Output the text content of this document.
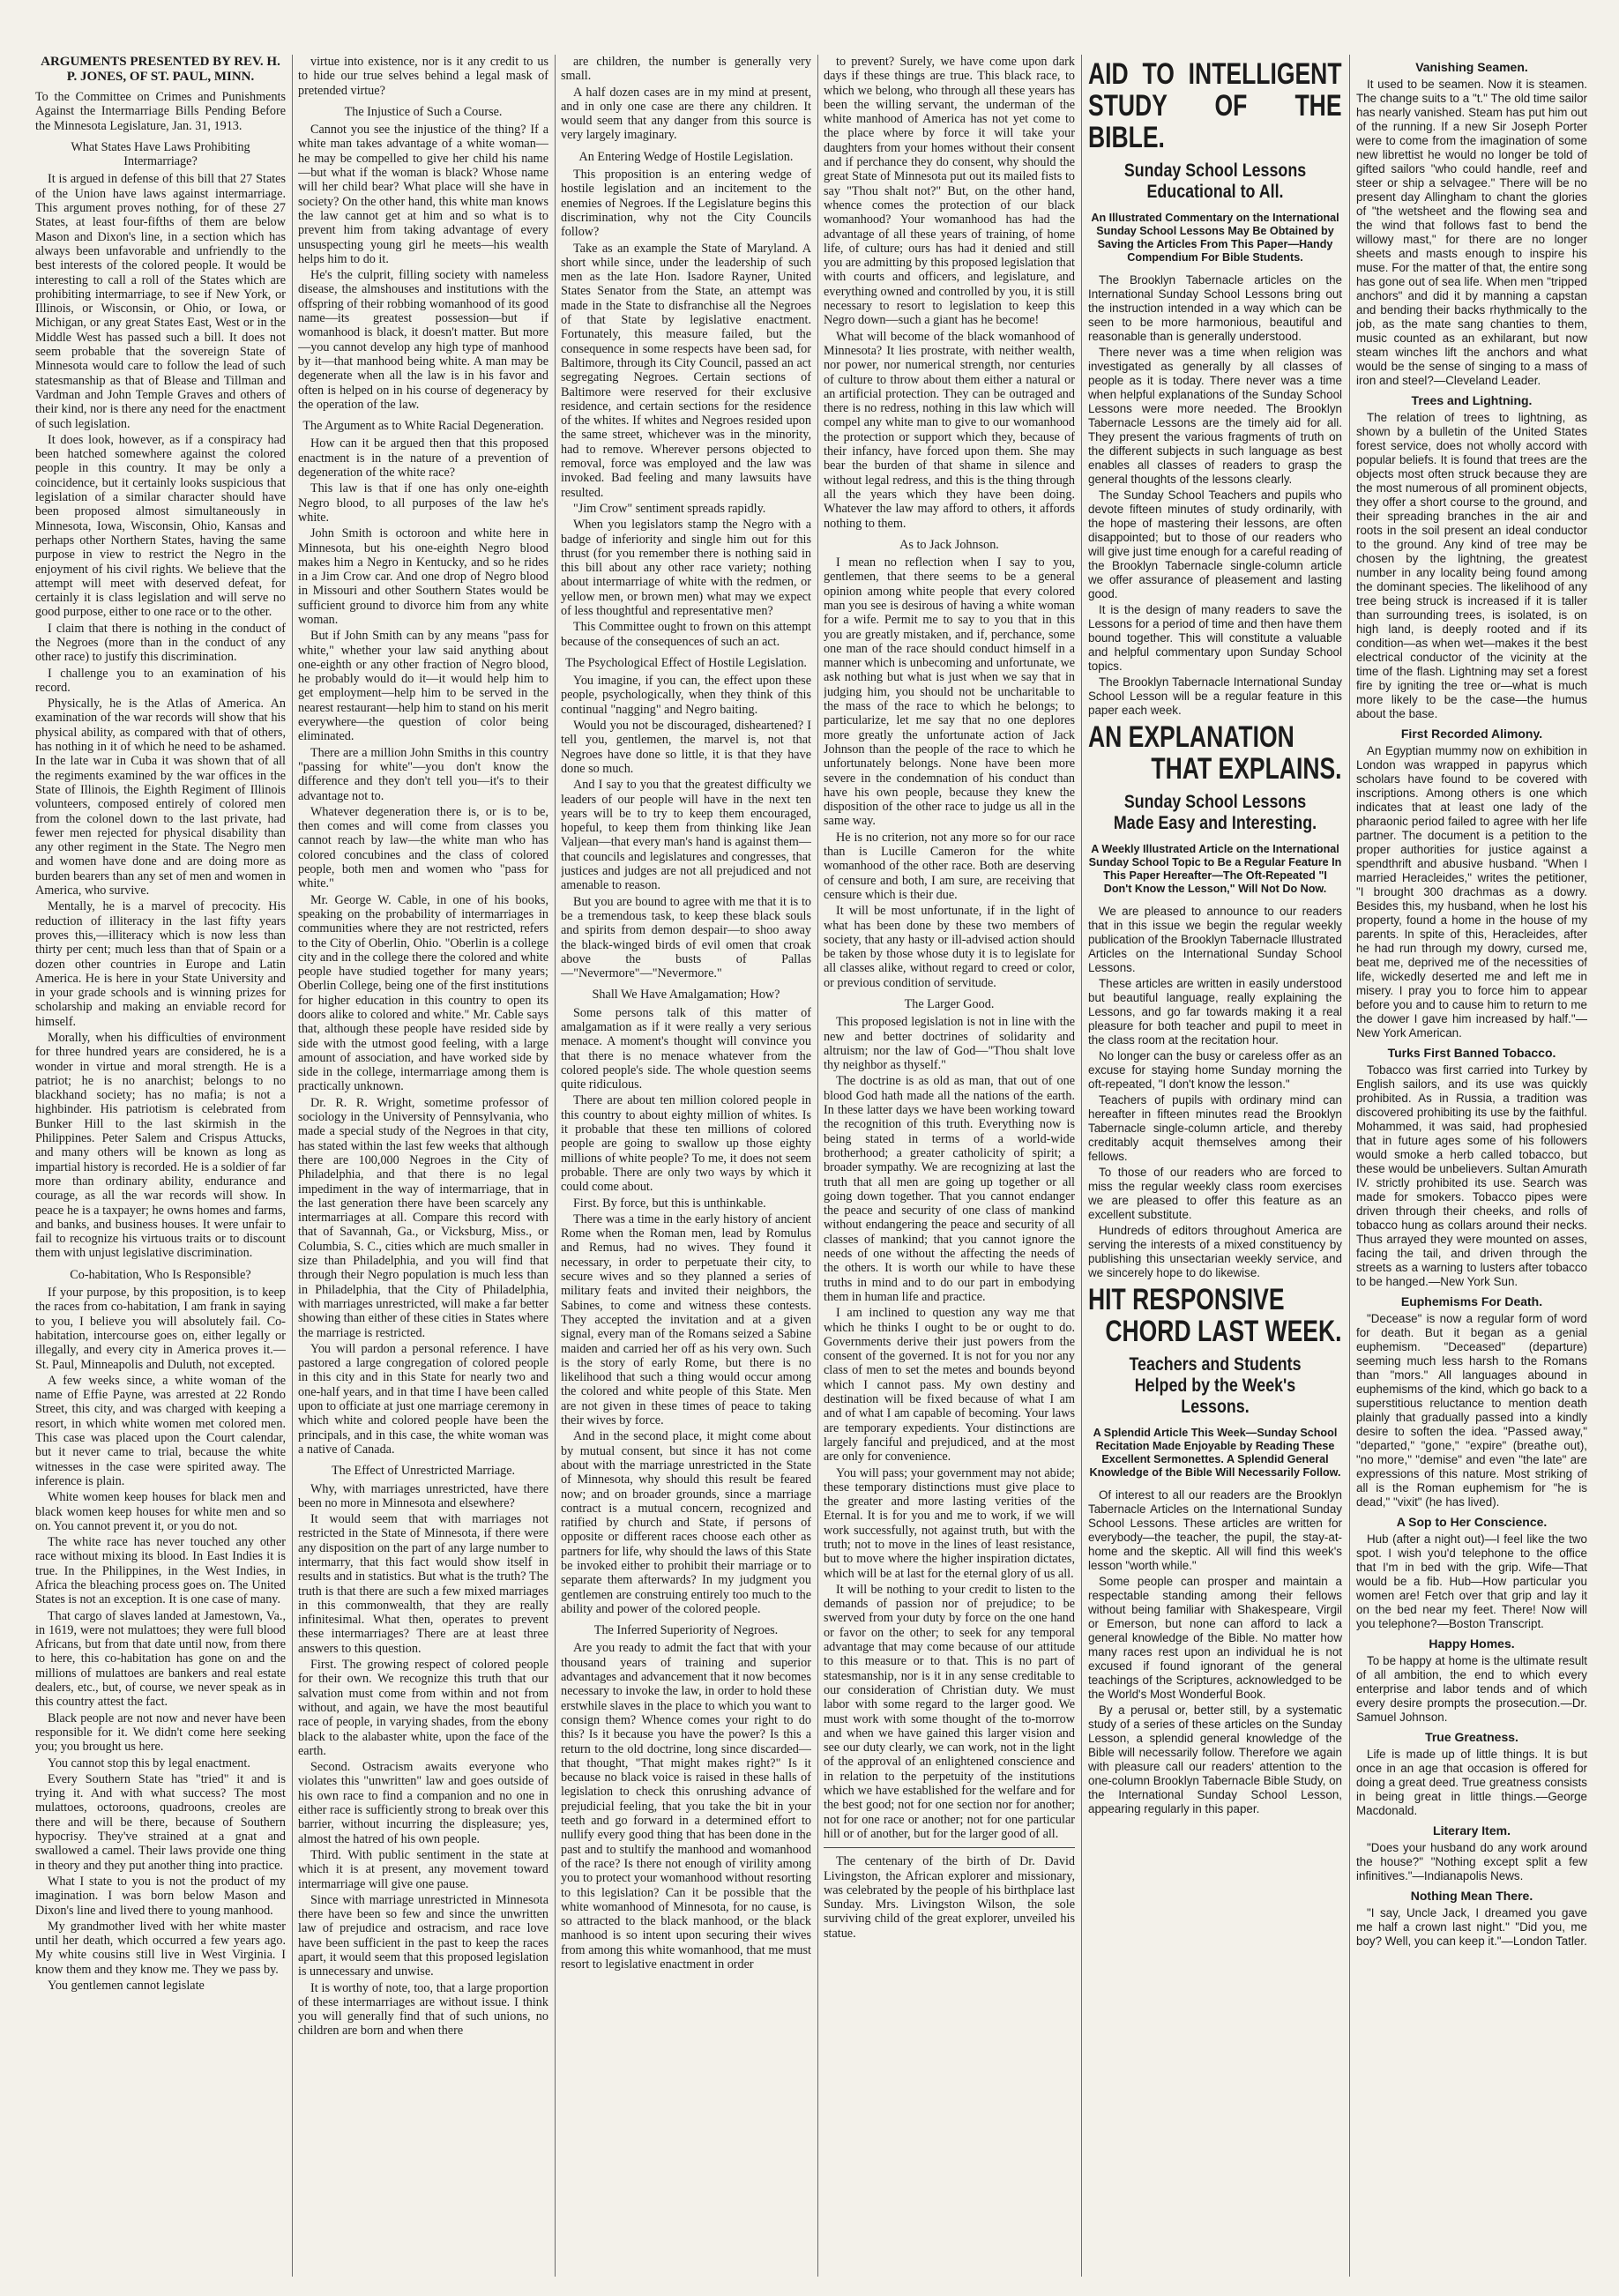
ARGUMENTS PRESENTED BY REV. H. P. JONES, OF ST. PAUL, MINN.

To the Committee on Crimes and Punishments Against the Intermarriage Bills Pending Before the Minnesota Legislature, Jan. 31, 1913.

What States Have Laws Prohibiting Intermarriage?

It is argued in defense of this bill that 27 States of the Union have laws against intermarriage. This argument proves nothing, for of these 27 States, at least four-fifths of them are below Mason and Dixon's line, in a section which has always been unfavorable and unfriendly to the best interests of the colored people. It would be interesting to call a roll of the States which are prohibiting intermarriage, to see if New York, or Illinois, or Wisconsin, or Ohio, or Iowa, or Michigan, or any great States East, West or in the Middle West has passed such a bill. It does not seem probable that the sovereign State of Minnesota would care to follow the lead of such statesmanship as that of Blease and Tillman and Vardman and John Temple Graves and others of their kind, nor is there any need for the enactment of such legislation.

It does look, however, as if a conspiracy had been hatched somewhere against the colored people in this country. It may be only a coincidence, but it certainly looks suspicious that legislation of a similar character should have been proposed almost simultaneously in Minnesota, Iowa, Wisconsin, Ohio, Kansas and perhaps other Northern States, having the same purpose in view to restrict the Negro in the enjoyment of his civil rights. We believe that the attempt will meet with deserved defeat, for certainly it is class legislation and will serve no good purpose, either to one race or to the other.

I claim that there is nothing in the conduct of the Negroes (more than in the conduct of any other race) to justify this discrimination.

I challenge you to an examination of his record.

Physically, he is the Atlas of America. An examination of the war records will show that his physical ability, as compared with that of others, has nothing in it of which he need to be ashamed. In the late war in Cuba it was shown that of all the regiments examined by the war offices in the State of Illinois, the Eighth Regiment of Illinois volunteers, composed entirely of colored men from the colonel down to the last private, had fewer men rejected for physical disability than any other regiment in the State. The Negro men and women have done and are doing more as burden bearers than any set of men and women in America, who survive.

Mentally, he is a marvel of precocity. His reduction of illiteracy in the last fifty years proves this,—illiteracy which is now less than thirty per cent; much less than that of Spain or a dozen other countries in Europe and Latin America. He is here in your State University and in your grade schools and is winning prizes for scholarship and making an enviable record for himself.

Morally, when his difficulties of environment for three hundred years are considered, he is a wonder in virtue and moral strength. He is a patriot; he is no anarchist; belongs to no blackhand society; has no mafia; is not a highbinder. His patriotism is celebrated from Bunker Hill to the last skirmish in the Philippines. Peter Salem and Crispus Attucks, and many others will be known as long as impartial history is recorded. He is a soldier of far more than ordinary ability, endurance and courage, as all the war records will show. In peace he is a taxpayer; he owns homes and farms, and banks, and business houses. It were unfair to fail to recognize his virtuous traits or to discount them with unjust legislative discrimination.

Co-habitation, Who Is Responsible?

If your purpose, by this proposition, is to keep the races from co-habitation, I am frank in saying to you, I believe you will absolutely fail. Co-habitation, intercourse goes on, either legally or illegally, and every city in America proves it.—St. Paul, Minneapolis and Duluth, not excepted.

A few weeks since, a white woman of the name of Effie Payne, was arrested at 22 Rondo Street, this city, and was charged with keeping a resort, in which white women met colored men. This case was placed upon the Court calendar, but it never came to trial, because the white witnesses in the case were spirited away. The inference is plain.

White women keep houses for black men and black women keep houses for white men and so on. You cannot prevent it, or you do not.

The white race has never touched any other race without mixing its blood. In East Indies it is true. In the Philippines, in the West Indies, in Africa the bleaching process goes on. The United States is not an exception. It is one case of many.

That cargo of slaves landed at Jamestown, Va., in 1619, were not mulattoes; they were full blood Africans, but from that date until now, from there to here, this co-habitation has gone on and the millions of mulattoes are bankers and real estate dealers, etc., but, of course, we never speak as in this country attest the fact.

Black people are not now and never have been responsible for it. We didn't come here seeking you; you brought us here.

You cannot stop this by legal enactment.

Every Southern State has "tried" it and is trying it. And with what success? The most mulattoes, octoroons, quadroons, creoles are there and will be there, because of Southern hypocrisy. They've strained at a gnat and swallowed a camel. Their laws provide one thing in theory and they put another thing into practice.

What I state to you is not the product of my imagination. I was born below Mason and Dixon's line and lived there to young manhood.

My grandmother lived with her white master until her death, which occurred a few years ago. My white cousins still live in West Virginia. I know them and they know me. They we pass by.

You gentlemen cannot legislate

virtue into existence, nor is it any credit to us to hide our true selves behind a legal mask of pretended virtue?

The Injustice of Such a Course.

Cannot you see the injustice of the thing? If a white man takes advantage of a white woman—he may be compelled to give her child his name—but what if the woman is black? Whose name will her child bear? What place will she have in society? On the other hand, this white man knows the law cannot get at him and so what is to prevent him from taking advantage of every unsuspecting young girl he meets—his wealth helps him to do it.

He's the culprit, filling society with nameless disease, the almshouses and institutions with the offspring of their robbing womanhood of its good name—its greatest possession—but if womanhood is black, it doesn't matter. But more—you cannot develop any high type of manhood by it—that manhood being white. A man may be degenerate when all the law is in his favor and often is helped on in his course of degeneracy by the operation of the law.

The Argument as to White Racial Degeneration.

How can it be argued then that this proposed enactment is in the nature of a prevention of degeneration of the white race?

This law is that if one has only one-eighth Negro blood, to all purposes of the law he's white.

John Smith is octoroon and white here in Minnesota, but his one-eighth Negro blood makes him a Negro in Kentucky, and so he rides in a Jim Crow car. And one drop of Negro blood in Missouri and other Southern States would be sufficient ground to divorce him from any white woman.

But if John Smith can by any means "pass for white," whether your law said anything about one-eighth or any other fraction of Negro blood, he probably would do it—it would help him to get employment—help him to be served in the nearest restaurant—help him to stand on his merit everywhere—the question of color being eliminated.

There are a million John Smiths in this country "passing for white"—you don't know the difference and they don't tell you—it's to their advantage not to.

Whatever degeneration there is, or is to be, then comes and will come from classes you cannot reach by law—the white man who has colored concubines and the class of colored people, both men and women who "pass for white."

Mr. George W. Cable, in one of his books, speaking on the probability of intermarriages in communities where they are not restricted, refers to the City of Oberlin, Ohio. "Oberlin is a college city and in the college there the colored and white people have studied together for many years; Oberlin College, being one of the first institutions for higher education in this country to open its doors alike to colored and white." Mr. Cable says that, although these people have resided side by side with the utmost good feeling, with a large amount of association, and have worked side by side in the college, intermarriage among them is practically unknown.

Dr. R. R. Wright, sometime professor of sociology in the University of Pennsylvania, who made a special study of the Negroes in that city, has stated within the last few weeks that although there are 100,000 Negroes in the City of Philadelphia, and that there is no legal impediment in the way of intermarriage, that in the last generation there have been scarcely any intermarriages at all. Compare this record with that of Savannah, Ga., or Vicksburg, Miss., or Columbia, S. C., cities which are much smaller in size than Philadelphia, and you will find that through their Negro population is much less than in Philadelphia, that the City of Philadelphia, with marriages unrestricted, will make a far better showing than either of these cities in States where the marriage is restricted.

You will pardon a personal reference. I have pastored a large congregation of colored people in this city and in this State for nearly two and one-half years, and in that time I have been called upon to officiate at just one marriage ceremony in which white and colored people have been the principals, and in this case, the white woman was a native of Canada.

The Effect of Unrestricted Marriage.

Why, with marriages unrestricted, have there been no more in Minnesota and elsewhere?

It would seem that with marriages not restricted in the State of Minnesota, if there were any disposition on the part of any large number to intermarry, that this fact would show itself in results and in statistics. But what is the truth? The truth is that there are such a few mixed marriages in this commonwealth, that they are really infinitesimal. What then, operates to prevent these intermarriages? There are at least three answers to this question.

First. The growing respect of colored people for their own. We recognize this truth that our salvation must come from within and not from without, and again, we have the most beautiful race of people, in varying shades, from the ebony black to the alabaster white, upon the face of the earth.

Second. Ostracism awaits everyone who violates this "unwritten" law and goes outside of his own race to find a companion and no one in either race is sufficiently strong to break over this barrier, without incurring the displeasure; yes, almost the hatred of his own people.

Third. With public sentiment in the state at which it is at present, any movement toward intermarriage will give one pause.

Since with marriage unrestricted in Minnesota there have been so few and since the unwritten law of prejudice and ostracism, and race love have been sufficient in the past to keep the races apart, it would seem that this proposed legislation is unnecessary and unwise.

It is worthy of note, too, that a large proportion of these intermarriages are without issue. I think you will generally find that of such unions, no children are born and when there

are children, the number is generally very small.

A half dozen cases are in my mind at present, and in only one case are there any children. It would seem that any danger from this source is very largely imaginary.

An Entering Wedge of Hostile Legislation.

This proposition is an entering wedge of hostile legislation and an incitement to the enemies of Negroes. If the Legislature begins this discrimination, why not the City Councils follow?

Take as an example the State of Maryland. A short while since, under the leadership of such men as the late Hon. Isadore Rayner, United States Senator from the State, an attempt was made in the State to disfranchise all the Negroes of that State by legislative enactment. Fortunately, this measure failed, but the consequence in some respects have been sad, for Baltimore, through its City Council, passed an act segregating Negroes. Certain sections of Baltimore were reserved for their exclusive residence, and certain sections for the residence of the whites. If whites and Negroes resided upon the same street, whichever was in the minority, had to remove. Wherever persons objected to removal, force was employed and the law was invoked. Bad feeling and many lawsuits have resulted.

"Jim Crow" sentiment spreads rapidly.

When you legislators stamp the Negro with a badge of inferiority and single him out for this thrust (for you remember there is nothing said in this bill about any other race variety; nothing about intermarriage of white with the redmen, or yellow men, or brown men) what may we expect of less thoughtful and representative men?

This Committee ought to frown on this attempt because of the consequences of such an act.

The Psychological Effect of Hostile Legislation.

You imagine, if you can, the effect upon these people, psychologically, when they think of this continual "nagging" and Negro baiting.

Would you not be discouraged, disheartened? I tell you, gentlemen, the marvel is, not that Negroes have done so little, it is that they have done so much.

And I say to you that the greatest difficulty we leaders of our people will have in the next ten years will be to try to keep them encouraged, hopeful, to keep them from thinking like Jean Valjean—that every man's hand is against them—that councils and legislatures and congresses, that justices and judges are not all prejudiced and not amenable to reason.

But you are bound to agree with me that it is to be a tremendous task, to keep these black souls and spirits from demon despair—to shoo away the black-winged birds of evil omen that croak above the busts of Pallas—"Nevermore"—"Nevermore."

Shall We Have Amalgamation; How?

Some persons talk of this matter of amalgamation as if it were really a very serious menace. A moment's thought will convince you that there is no menace whatever from the colored people's side. The whole question seems quite ridiculous.

There are about ten million colored people in this country to about eighty million of whites. Is it probable that these ten millions of colored people are going to swallow up those eighty millions of white people? To me, it does not seem probable. There are only two ways by which it could come about.

First. By force, but this is unthinkable.

There was a time in the early history of ancient Rome when the Roman men, lead by Romulus and Remus, had no wives. They found it necessary, in order to perpetuate their city, to secure wives and so they planned a series of military feats and invited their neighbors, the Sabines, to come and witness these contests. They accepted the invitation and at a given signal, every man of the Romans seized a Sabine maiden and carried her off as his very own. Such is the story of early Rome, but there is no likelihood that such a thing would occur among the colored and white people of this State. Men are not given in these times of peace to taking their wives by force.

And in the second place, it might come about by mutual consent, but since it has not come about with the marriage unrestricted in the State of Minnesota, why should this result be feared now; and on broader grounds, since a marriage contract is a mutual concern, recognized and ratified by church and State, if persons of opposite or different races choose each other as partners for life, why should the laws of this State be invoked either to prohibit their marriage or to separate them afterwards? In my judgment you gentlemen are construing entirely too much to the ability and power of the colored people.

The Inferred Superiority of Negroes.

Are you ready to admit the fact that with your thousand years of training and superior advantages and advancement that it now becomes necessary to invoke the law, in order to hold these erstwhile slaves in the place to which you want to consign them? Whence comes your right to do this? Is it because you have the power? Is this a return to the old doctrine, long since discarded—that thought, "That might makes right?" Is it because no black voice is raised in these halls of legislation to check this onrushing advance of prejudicial feeling, that you take the bit in your teeth and go forward in a determined effort to nullify every good thing that has been done in the past and to stultify the manhood and womanhood of the race? Is there not enough of virility among you to protect your womanhood without resorting to this legislation? Can it be possible that the white womanhood of Minnesota, for no cause, is so attracted to the black manhood, or the black manhood is so intent upon securing their wives from among this white womanhood, that me must resort to legislative enactment in order

to prevent? Surely, we have come upon dark days if these things are true. This black race, to which we belong, who through all these years has been the willing servant, the underman of the white manhood of America has not yet come to the place where by force it will take your daughters from your homes without their consent and if perchance they do consent, why should the great State of Minnesota put out its mailed fists to say "Thou shalt not?" But, on the other hand, whence comes the protection of our black womanhood? Your womanhood has had the advantage of all these years of training, of home life, of culture; ours has had it denied and still you are admitting by this proposed legislation that with courts and officers, and legislature, and everything owned and controlled by you, it is still necessary to resort to legislation to keep this Negro down—such a giant has he become!

What will become of the black womanhood of Minnesota? It lies prostrate, with neither wealth, nor power, nor numerical strength, nor centuries of culture to throw about them either a natural or an artificial protection. They can be outraged and there is no redress, nothing in this law which will compel any white man to give to our womanhood the protection or support which they, because of their infancy, have forced upon them. She may bear the burden of that shame in silence and without legal redress, and this is the thing through all the years which they have been doing. Whatever the law may afford to others, it affords nothing to them.

As to Jack Johnson.

I mean no reflection when I say to you, gentlemen, that there seems to be a general opinion among white people that every colored man you see is desirous of having a white woman for a wife. Permit me to say to you that in this you are greatly mistaken, and if, perchance, some one man of the race should conduct himself in a manner which is unbecoming and unfortunate, we ask nothing but what is just when we say that in judging him, you should not be uncharitable to the mass of the race to which he belongs; to particularize, let me say that no one deplores more greatly the unfortunate action of Jack Johnson than the people of the race to which he unfortunately belongs. None have been more severe in the condemnation of his conduct than have his own people, because they knew the disposition of the other race to judge us all in the same way.

He is no criterion, not any more so for our race than is Lucille Cameron for the white womanhood of the other race. Both are deserving of censure and both, I am sure, are receiving that censure which is their due.

It will be most unfortunate, if in the light of what has been done by these two members of society, that any hasty or ill-advised action should be taken by those whose duty it is to legislate for all classes alike, without regard to creed or color, or previous condition of servitude.

The Larger Good.

This proposed legislation is not in line with the new and better doctrines of solidarity and altruism; nor the law of God—"Thou shalt love thy neighbor as thyself."

The doctrine is as old as man, that out of one blood God hath made all the nations of the earth. In these latter days we have been working toward the recognition of this truth. Everything now is being stated in terms of a world-wide brotherhood; a greater catholicity of spirit; a broader sympathy. We are recognizing at last the truth that all men are going up together or all going down together. That you cannot endanger the peace and security of one class of mankind without endangering the peace and security of all classes of mankind; that you cannot ignore the needs of one without the affecting the needs of the others. It is worth our while to have these truths in mind and to do our part in embodying them in human life and practice.

I am inclined to question any way me that which he thinks I ought to be or ought to do. Governments derive their just powers from the consent of the governed. It is not for you nor any class of men to set the metes and bounds beyond which I cannot pass. My own destiny and destination will be fixed because of what I am and of what I am capable of becoming. Your laws are temporary expedients. Your distinctions are largely fanciful and prejudiced, and at the most are only for convenience.

You will pass; your government may not abide; these temporary distinctions must give place to the greater and more lasting verities of the Eternal. It is for you and me to work, if we will work successfully, not against truth, but with the truth; not to move in the lines of least resistance, but to move where the higher inspiration dictates, which will be at last for the eternal glory of us all.

It will be nothing to your credit to listen to the demands of passion nor of prejudice; to be swerved from your duty by force on the one hand or favor on the other; to seek for any temporal advantage that may come because of our attitude to this measure or to that. This is no part of statesmanship, nor is it in any sense creditable to our consideration of Christian duty. We must labor with some regard to the larger good. We must work with some thought of the to-morrow and when we have gained this larger vision and see our duty clearly, we can work, not in the light of the approval of an enlightened conscience and in relation to the perpetuity of the institutions which we have established for the welfare and for the best good; not for one section nor for another; not for one race or another; not for one particular hill or of another, but for the larger good of all.

The centenary of the birth of Dr. David Livingston, the African explorer and missionary, was celebrated by the people of his birthplace last Sunday. Mrs. Livingston Wilson, the sole surviving child of the great explorer, unveiled his statue.

AID TO INTELLIGENT STUDY OF THE BIBLE.
Sunday School Lessons Educational to All.
An Illustrated Commentary on the International Sunday School Lessons May Be Obtained by Saving the Articles From This Paper—Handy Compendium For Bible Students.

The Brooklyn Tabernacle articles on the International Sunday School Lessons bring out the instruction intended in a way which can be seen to be more harmonious, beautiful and reasonable than is generally understood.

There never was a time when religion was investigated as generally by all classes of people as it is today. There never was a time when helpful explanations of the Sunday School Lessons were more needed. The Brooklyn Tabernacle Lessons are the timely aid for all. They present the various fragments of truth on the different subjects in such language as best enables all classes of readers to grasp the general thoughts of the lessons clearly.

The Sunday School Teachers and pupils who devote fifteen minutes of study ordinarily, with the hope of mastering their lessons, are often disappointed; but to those of our readers who will give just time enough for a careful reading of the Brooklyn Tabernacle single-column article we offer assurance of pleasement and lasting good.

It is the design of many readers to save the Lessons for a period of time and then have them bound together. This will constitute a valuable and helpful commentary upon Sunday School topics.

The Brooklyn Tabernacle International Sunday School Lesson will be a regular feature in this paper each week.

AN EXPLANATION
THAT EXPLAINS.
Sunday School Lessons Made Easy and Interesting.
A Weekly Illustrated Article on the International Sunday School Topic to Be a Regular Feature In This Paper Hereafter—The Oft-Repeated "I Don't Know the Lesson," Will Not Do Now.

We are pleased to announce to our readers that in this issue we begin the regular weekly publication of the Brooklyn Tabernacle Illustrated Articles on the International Sunday School Lessons.

These articles are written in easily understood but beautiful language, really explaining the Lessons, and go far towards making it a real pleasure for both teacher and pupil to meet in the class room at the recitation hour.

No longer can the busy or careless offer as an excuse for staying home Sunday morning the oft-repeated, "I don't know the lesson."

Teachers of pupils with ordinary mind can hereafter in fifteen minutes read the Brooklyn Tabernacle single-column article, and thereby creditably acquit themselves among their fellows.

To those of our readers who are forced to miss the regular weekly class room exercises we are pleased to offer this feature as an excellent substitute.

Hundreds of editors throughout America are serving the interests of a mixed constituency by publishing this unsectarian weekly service, and we sincerely hope to do likewise.

HIT RESPONSIVE
CHORD LAST WEEK.
Teachers and Students Helped by the Week's Lessons.
A Splendid Article This Week—Sunday School Recitation Made Enjoyable by Reading These Excellent Sermonettes. A Splendid General Knowledge of the Bible Will Necessarily Follow.

Of interest to all our readers are the Brooklyn Tabernacle Articles on the International Sunday School Lessons. These articles are written for everybody—the teacher, the pupil, the stay-at-home and the skeptic. All will find this week's lesson "worth while."

Some people can prosper and maintain a respectable standing among their fellows without being familiar with Shakespeare, Virgil or Emerson, but none can afford to lack a general knowledge of the Bible. No matter how many races rest upon an individual he is not excused if found ignorant of the general teachings of the Scriptures, acknowledged to be the World's Most Wonderful Book.

By a perusal or, better still, by a systematic study of a series of these articles on the Sunday Lesson, a splendid general knowledge of the Bible will necessarily follow. Therefore we again with pleasure call our readers' attention to the one-column Brooklyn Tabernacle Bible Study, on the International Sunday School Lesson, appearing regularly in this paper.

Vanishing Seamen.

It used to be seamen. Now it is steamen. The change suits to a "t." The old time sailor has nearly vanished. Steam has put him out of the running. If a new Sir Joseph Porter were to come from the imagination of some new librettist he would no longer be told of gifted sailors "who could handle, reef and steer or ship a selvagee." There will be no present day Allingham to chant the glories of "the wetsheet and the flowing sea and the wind that follows fast to bend the willowy mast," for there are no longer sheets and masts enough to inspire his muse. For the matter of that, the entire song has gone out of sea life. When men "tripped anchors" and did it by manning a capstan and bending their backs rhythmically to the job, as the mate sang chanties to them, music counted as an exhilarant, but now steam winches lift the anchors and what would be the sense of singing to a mass of iron and steel?—Cleveland Leader.

Trees and Lightning.

The relation of trees to lightning, as shown by a bulletin of the United States forest service, does not wholly accord with popular beliefs. It is found that trees are the objects most often struck because they are the most numerous of all prominent objects, they offer a short course to the ground, and their spreading branches in the air and roots in the soil present an ideal conductor to the ground. Any kind of tree may be chosen by the lightning, the greatest number in any locality being found among the dominant species. The likelihood of any tree being struck is increased if it is taller than surrounding trees, is isolated, is on high land, is deeply rooted and if its condition—as when wet—makes it the best electrical conductor of the vicinity at the time of the flash. Lightning may set a forest fire by igniting the tree or—what is much more likely to be the case—the humus about the base.

First Recorded Alimony.

An Egyptian mummy now on exhibition in London was wrapped in papyrus which scholars have found to be covered with inscriptions. Among others is one which indicates that at least one lady of the pharaonic period failed to agree with her life partner. The document is a petition to the proper authorities for justice against a spendthrift and abusive husband. "When I married Heracleides," writes the petitioner, "I brought 300 drachmas as a dowry. Besides this, my husband, when he lost his property, found a home in the house of my parents. In spite of this, Heracleides, after he had run through my dowry, cursed me, beat me, deprived me of the necessities of life, wickedly deserted me and left me in misery. I pray you to force him to appear before you and to cause him to return to me the dower I gave him increased by half."—New York American.

Turks First Banned Tobacco.

Tobacco was first carried into Turkey by English sailors, and its use was quickly prohibited. As in Russia, a tradition was discovered prohibiting its use by the faithful. Mohammed, it was said, had prophesied that in future ages some of his followers would smoke a herb called tobacco, but these would be unbelievers. Sultan Amurath IV. strictly prohibited its use. Search was made for smokers. Tobacco pipes were driven through their cheeks, and rolls of tobacco hung as collars around their necks. Thus arrayed they were mounted on asses, facing the tail, and driven through the streets as a warning to lusters after tobacco to be hanged.—New York Sun.

Euphemisms For Death.

"Decease" is now a regular form of word for death. But it began as a genial euphemism. "Deceased" (departure) seeming much less harsh to the Romans than "mors." All languages abound in euphemisms of the kind, which go back to a superstitious reluctance to mention death plainly that gradually passed into a kindly desire to soften the idea. "Passed away," "departed," "gone," "expire" (breathe out), "no more," "demise" and even "the late" are expressions of this nature. Most striking of all is the Roman euphemism for "he is dead," "vixit" (he has lived).

A Sop to Her Conscience.

Hub (after a night out)—I feel like the two spot. I wish you'd telephone to the office that I'm in bed with the grip. Wife—That would be a fib. Hub—How particular you women are! Fetch over that grip and lay it on the bed near my feet. There! Now will you telephone?—Boston Transcript.

Happy Homes.

To be happy at home is the ultimate result of all ambition, the end to which every enterprise and labor tends and of which every desire prompts the prosecution.—Dr. Samuel Johnson.

True Greatness.

Life is made up of little things. It is but once in an age that occasion is offered for doing a great deed. True greatness consists in being great in little things.—George Macdonald.

Literary Item.

"Does your husband do any work around the house?" "Nothing except split a few infinitives."—Indianapolis News.

Nothing Mean There.

"I say, Uncle Jack, I dreamed you gave me half a crown last night." "Did you, me boy? Well, you can keep it."—London Tatler.
